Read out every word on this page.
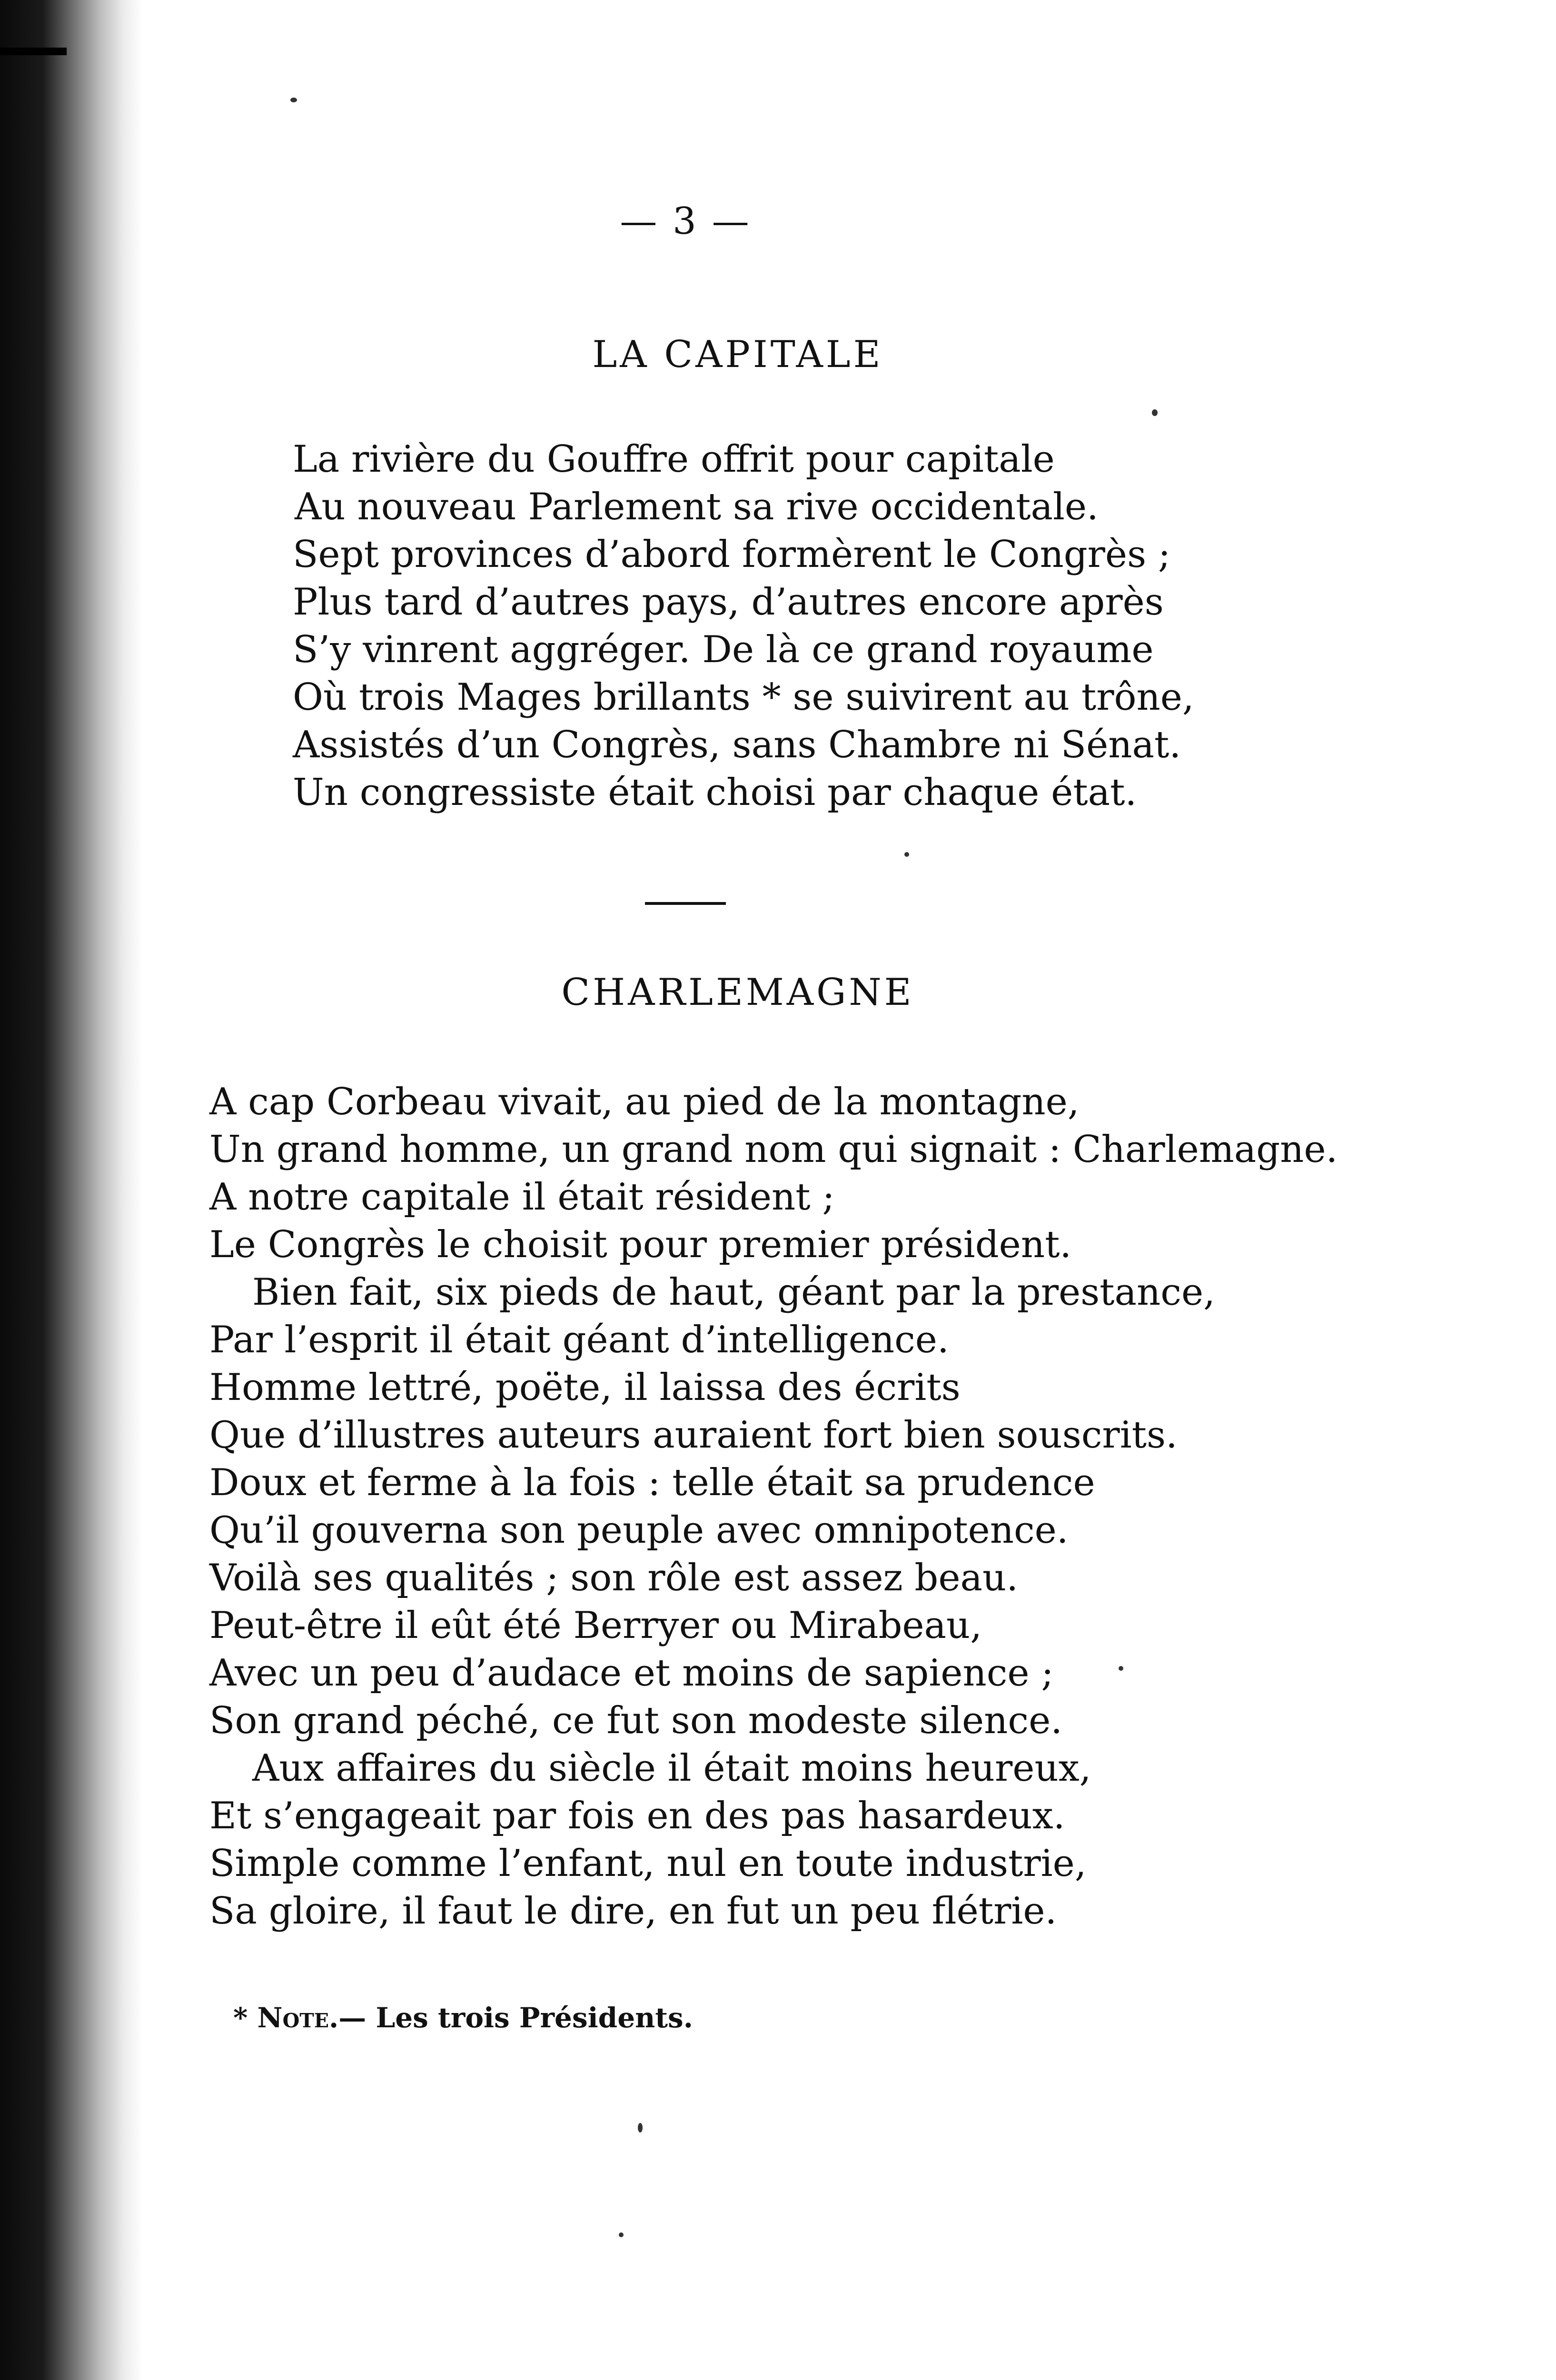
— 3 —
LA CAPITALE
La rivière du Gouffre offrit pour capitale
Au nouveau Parlement sa rive occidentale.
Sept provinces d’abord formèrent le Congrès ;
Plus tard d’autres pays, d’autres encore après
S’y vinrent aggréger. De là ce grand royaume
Où trois Mages brillants * se suivirent au trône,
Assistés d’un Congrès, sans Chambre ni Sénat.
Un congressiste était choisi par chaque état.
CHARLEMAGNE
A cap Corbeau vivait, au pied de la montagne,
Un grand homme, un grand nom qui signait : Charlemagne.
A notre capitale il était résident ;
Le Congrès le choisit pour premier président.
Bien fait, six pieds de haut, géant par la prestance,
Par l’esprit il était géant d’intelligence.
Homme lettré, poëte, il laissa des écrits
Que d’illustres auteurs auraient fort bien souscrits.
Doux et ferme à la fois : telle était sa prudence
Qu’il gouverna son peuple avec omnipotence.
Voilà ses qualités ; son rôle est assez beau.
Peut-être il eût été Berryer ou Mirabeau,
Avec un peu d’audace et moins de sapience ;
Son grand péché, ce fut son modeste silence.
Aux affaires du siècle il était moins heureux,
Et s’engageait par fois en des pas hasardeux.
Simple comme l’enfant, nul en toute industrie,
Sa gloire, il faut le dire, en fut un peu flétrie.
* Note.— Les trois Présidents.
